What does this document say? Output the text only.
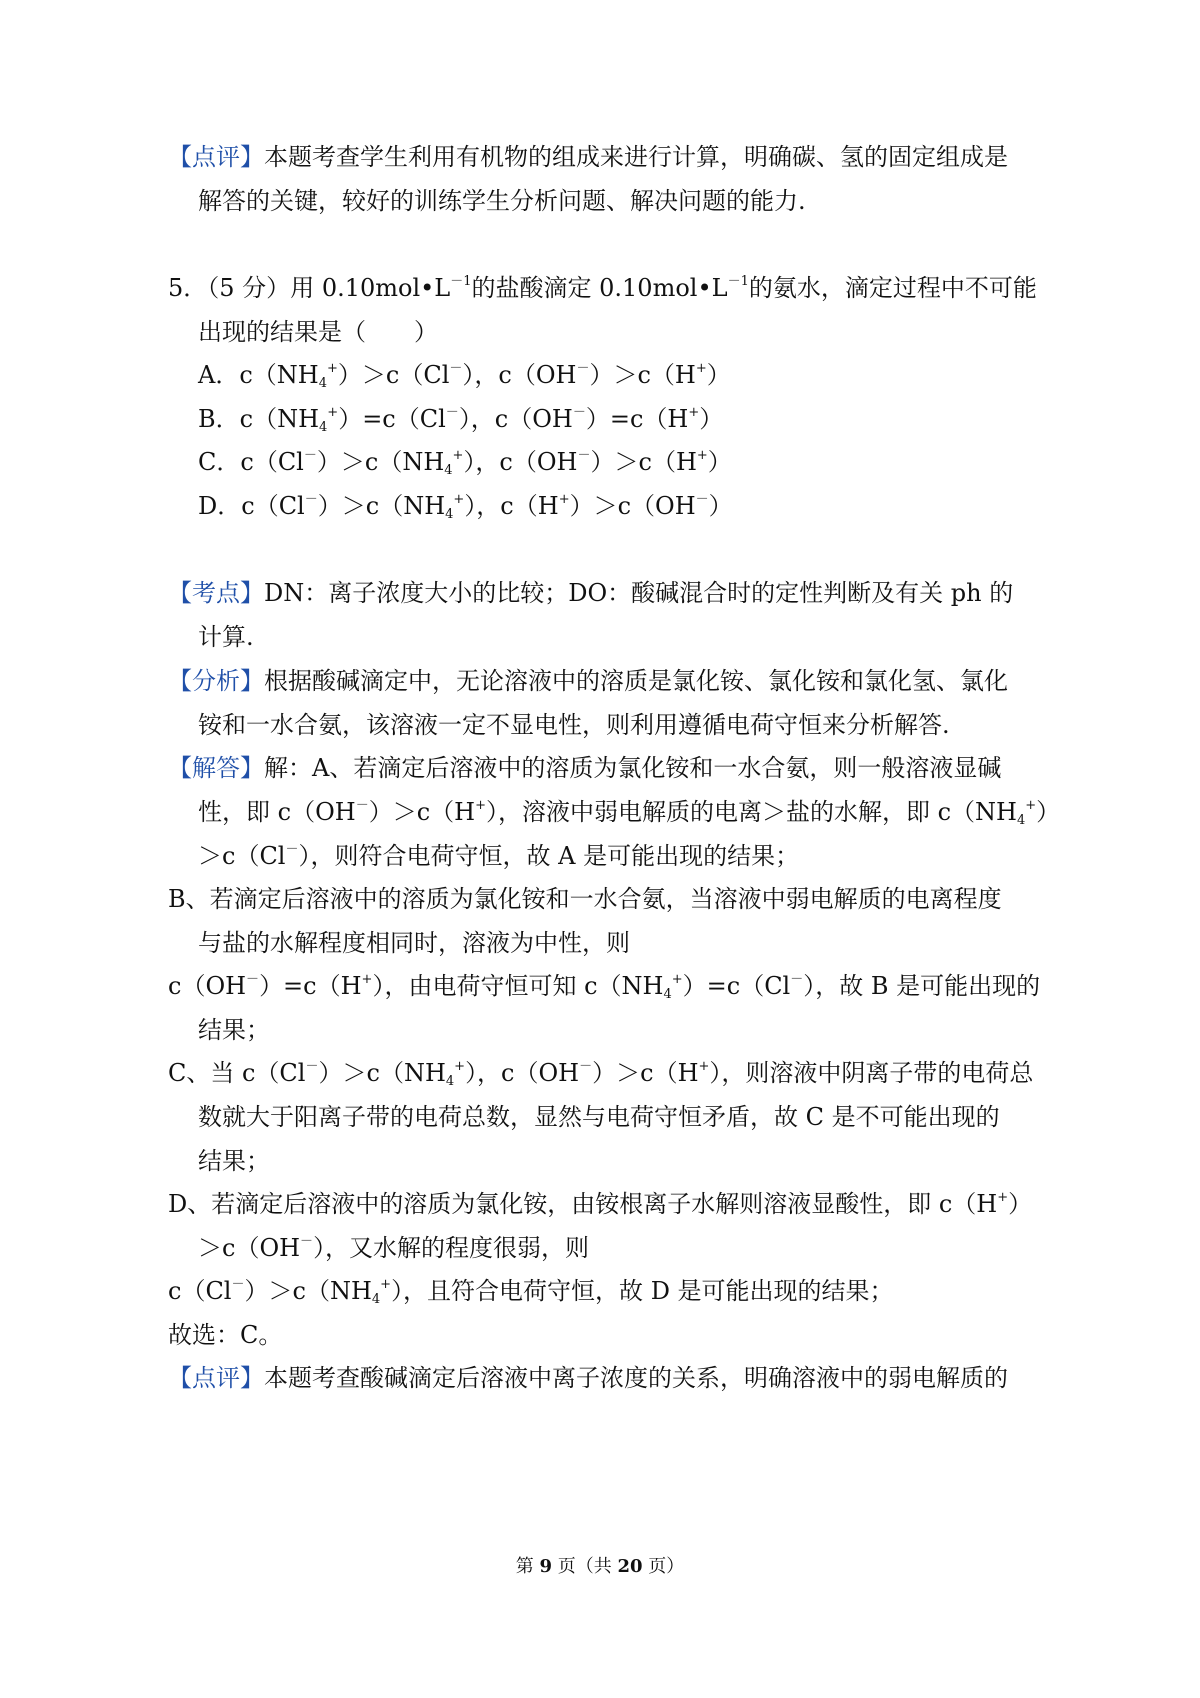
【点评】本题考查学生利用有机物的组成来进行计算，明确碳、氢的固定组成是
解答的关键，较好的训练学生分析问题、解决问题的能力.
5．（5 分）用 $0.10mol•L^{-1}$的盐酸滴定 $0.10mol•L^{-1}$的氨水，滴定过程中不可能
出现的结果是（　　）
A．$c(NH_4^+)>c(Cl^-)$，c（OH－）＞c（H+）
B．$c(NH_4^+)=c(Cl^-)$，c（OH－）=c（H+）
C．$c(Cl^-)>c(NH_4^+)$，c（OH－）＞c（H+）
D．$c(Cl^-)>c(NH_4^+)$，c（H+）＞c（OH－）
【考点】DN：离子浓度大小的比较；DO：酸碱混合时的定性判断及有关 ph 的
计算.
【分析】根据酸碱滴定中，无论溶液中的溶质是氯化铵、氯化铵和氯化氢、氯化
铵和一水合氨，该溶液一定不显电性，则利用遵循电荷守恒来分析解答.
【解答】解：A、若滴定后溶液中的溶质为氯化铵和一水合氨，则一般溶液显碱
性，即 c（OH－）＞c（H+），溶液中弱电解质的电离＞盐的水解，即 $c(NH_4^+)$
＞c（Cl－），则符合电荷守恒，故 A 是可能出现的结果；
B、若滴定后溶液中的溶质为氯化铵和一水合氨，当溶液中弱电解质的电离程度
与盐的水解程度相同时，溶液为中性，则
c（OH－）=c（H+），由电荷守恒可知 $c(NH_4^+)=c(Cl^-)$，故 B 是可能出现的
结果；
C、当 $c(Cl^-)>c(NH_4^+)$，c（OH－）＞c（H+），则溶液中阴离子带的电荷总
数就大于阳离子带的电荷总数，显然与电荷守恒矛盾，故 C 是不可能出现的
结果；
D、若滴定后溶液中的溶质为氯化铵，由铵根离子水解则溶液显酸性，即 c（H+）
＞c（OH－），又水解的程度很弱，则
$c(Cl^-)>c(NH_4^+)$，且符合电荷守恒，故 D 是可能出现的结果；
故选：C。
【点评】本题考查酸碱滴定后溶液中离子浓度的关系，明确溶液中的弱电解质的
第 9 页（共 20 页）
